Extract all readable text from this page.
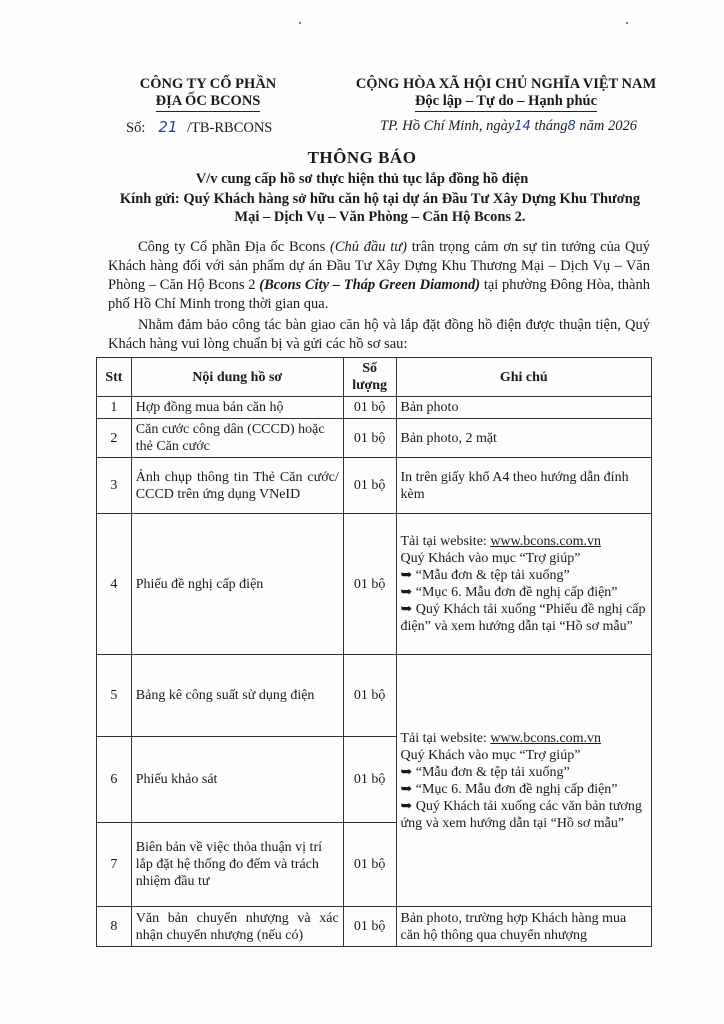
CÔNG TY CỔ PHẦN
ĐỊA ỐC BCONS
CỘNG HÒA XÃ HỘI CHỦ NGHĨA VIỆT NAM
Độc lập – Tự do – Hạnh phúc
Số: 21 /TB-RBCONS	TP. Hồ Chí Minh, ngày14 tháng8 năm 2026
THÔNG BÁO
V/v cung cấp hồ sơ thực hiện thủ tục lắp đồng hồ điện
Kính gửi: Quý Khách hàng sở hữu căn hộ tại dự án Đầu Tư Xây Dựng Khu Thương Mại – Dịch Vụ – Văn Phòng – Căn Hộ Bcons 2.
Công ty Cổ phần Địa ốc Bcons (Chủ đầu tư) trân trọng cảm ơn sự tin tưởng của Quý Khách hàng đối với sản phẩm dự án Đầu Tư Xây Dựng Khu Thương Mại – Dịch Vụ – Văn Phòng – Căn Hộ Bcons 2 (Bcons City – Tháp Green Diamond) tại phường Đông Hòa, thành phố Hồ Chí Minh trong thời gian qua.
Nhằm đảm bảo công tác bàn giao căn hộ và lắp đặt đồng hồ điện được thuận tiện, Quý Khách hàng vui lòng chuẩn bị và gửi các hồ sơ sau:
Stt	Nội dung hồ sơ	Số lượng	Ghi chú
1	Hợp đồng mua bán căn hộ	01 bộ	Bản photo
2	Căn cước công dân (CCCD) hoặc thẻ Căn cước	01 bộ	Bản photo, 2 mặt
3	Ảnh chụp thông tin Thẻ Căn cước/ CCCD trên ứng dụng VNeID	01 bộ	In trên giấy khổ A4 theo hướng dẫn đính kèm
4	Phiếu đề nghị cấp điện	01 bộ	Tải tại website: www.bcons.com.vn
Quý Khách vào mục “Trợ giúp”
➥ “Mẫu đơn & tệp tải xuống”
➥ “Mục 6. Mẫu đơn đề nghị cấp điện”
➥ Quý Khách tải xuống “Phiếu đề nghị cấp điện” và xem hướng dẫn tại “Hồ sơ mẫu”

5	Bảng kê công suất sử dụng điện	01 bộ	Tải tại website: www.bcons.com.vn
Quý Khách vào mục “Trợ giúp”
➥ “Mẫu đơn & tệp tải xuống”
➥ “Mục 6. Mẫu đơn đề nghị cấp điện”
➥ Quý Khách tải xuống các văn bản tương ứng và xem hướng dẫn tại “Hồ sơ mẫu”

6	Phiếu khảo sát	01 bộ	
7	Biên bản về việc thỏa thuận vị trí lắp đặt hệ thống đo đếm và trách nhiệm đầu tư	01 bộ	
8	Văn bản chuyển nhượng và xác nhận chuyển nhượng (nếu có)	01 bộ	Bản photo, trường hợp Khách hàng mua căn hộ thông qua chuyển nhượng
